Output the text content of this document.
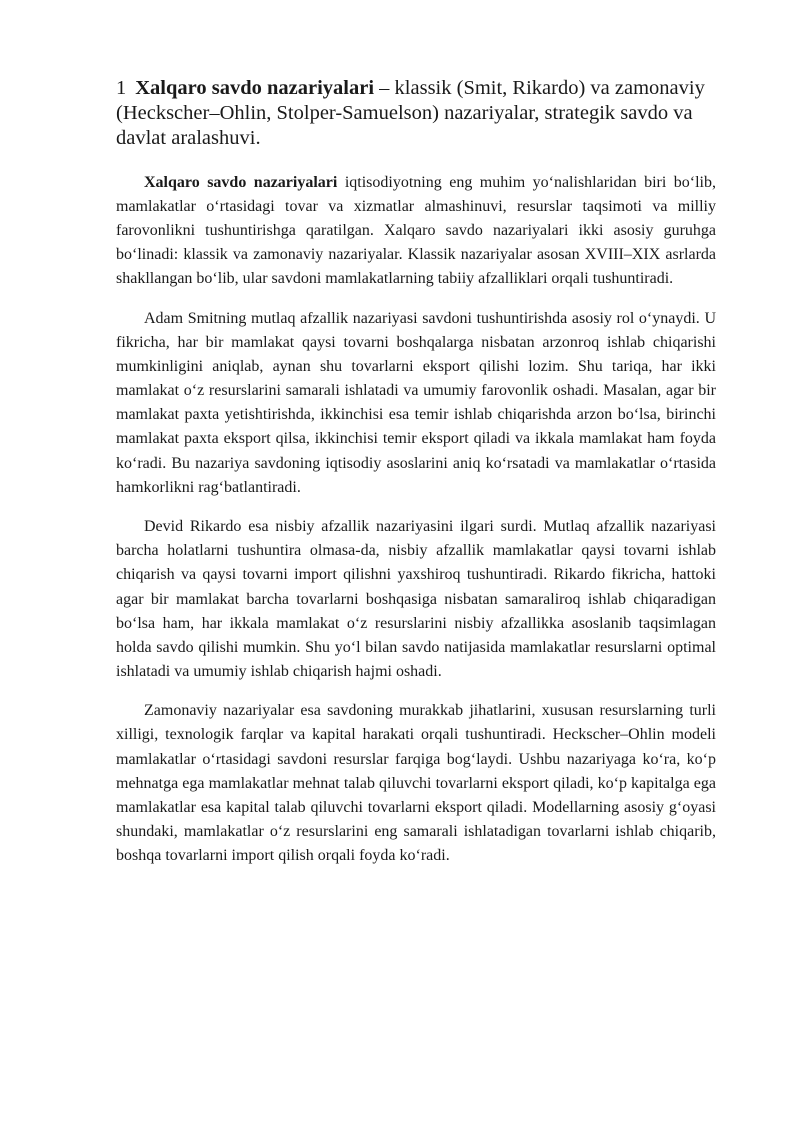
1 Xalqaro savdo nazariyalari – klassik (Smit, Rikardo) va zamonaviy (Heckscher–Ohlin, Stolper-Samuelson) nazariyalar, strategik savdo va davlat aralashuvi.

Xalqaro savdo nazariyalari iqtisodiyotning eng muhim yoʻnalishlaridan biri boʻlib, mamlakatlar oʻrtasidagi tovar va xizmatlar almashinuvi, resurslar taqsimoti va milliy farovonlikni tushuntirishga qaratilgan. Xalqaro savdo nazariyalari ikki asosiy guruhga boʻlinadi: klassik va zamonaviy nazariyalar. Klassik nazariyalar asosan XVIII–XIX asrlarda shakllangan boʻlib, ular savdoni mamlakatlarning tabiiy afzalliklari orqali tushuntiradi.

Adam Smitning mutlaq afzallik nazariyasi savdoni tushuntirishda asosiy rol oʻynaydi. U fikricha, har bir mamlakat qaysi tovarni boshqalarga nisbatan arzonroq ishlab chiqarishi mumkinligini aniqlab, aynan shu tovarlarni eksport qilishi lozim. Shu tariqa, har ikki mamlakat oʻz resurslarini samarali ishlatadi va umumiy farovonlik oshadi. Masalan, agar bir mamlakat paxta yetishtirishda, ikkinchisi esa temir ishlab chiqarishda arzon boʻlsa, birinchi mamlakat paxta eksport qilsa, ikkinchisi temir eksport qiladi va ikkala mamlakat ham foyda koʻradi. Bu nazariya savdoning iqtisodiy asoslarini aniq koʻrsatadi va mamlakatlar oʻrtasida hamkorlikni ragʻbatlantiradi.

Devid Rikardo esa nisbiy afzallik nazariyasini ilgari surdi. Mutlaq afzallik nazariyasi barcha holatlarni tushuntira olmasa-da, nisbiy afzallik mamlakatlar qaysi tovarni ishlab chiqarish va qaysi tovarni import qilishni yaxshiroq tushuntiradi. Rikardo fikricha, hattoki agar bir mamlakat barcha tovarlarni boshqasiga nisbatan samaraliroq ishlab chiqaradigan boʻlsa ham, har ikkala mamlakat oʻz resurslarini nisbiy afzallikka asoslanib taqsimlagan holda savdo qilishi mumkin. Shu yoʻl bilan savdo natijasida mamlakatlar resurslarni optimal ishlatadi va umumiy ishlab chiqarish hajmi oshadi.

Zamonaviy nazariyalar esa savdoning murakkab jihatlarini, xususan resurslarning turli xilligi, texnologik farqlar va kapital harakati orqali tushuntiradi. Heckscher–Ohlin modeli mamlakatlar oʻrtasidagi savdoni resurslar farqiga bogʻlaydi. Ushbu nazariyaga koʻra, koʻp mehnatga ega mamlakatlar mehnat talab qiluvchi tovarlarni eksport qiladi, koʻp kapitalga ega mamlakatlar esa kapital talab qiluvchi tovarlarni eksport qiladi. Modellarning asosiy gʻoyasi shundaki, mamlakatlar oʻz resurslarini eng samarali ishlatadigan tovarlarni ishlab chiqarib, boshqa tovarlarni import qilish orqali foyda koʻradi.
